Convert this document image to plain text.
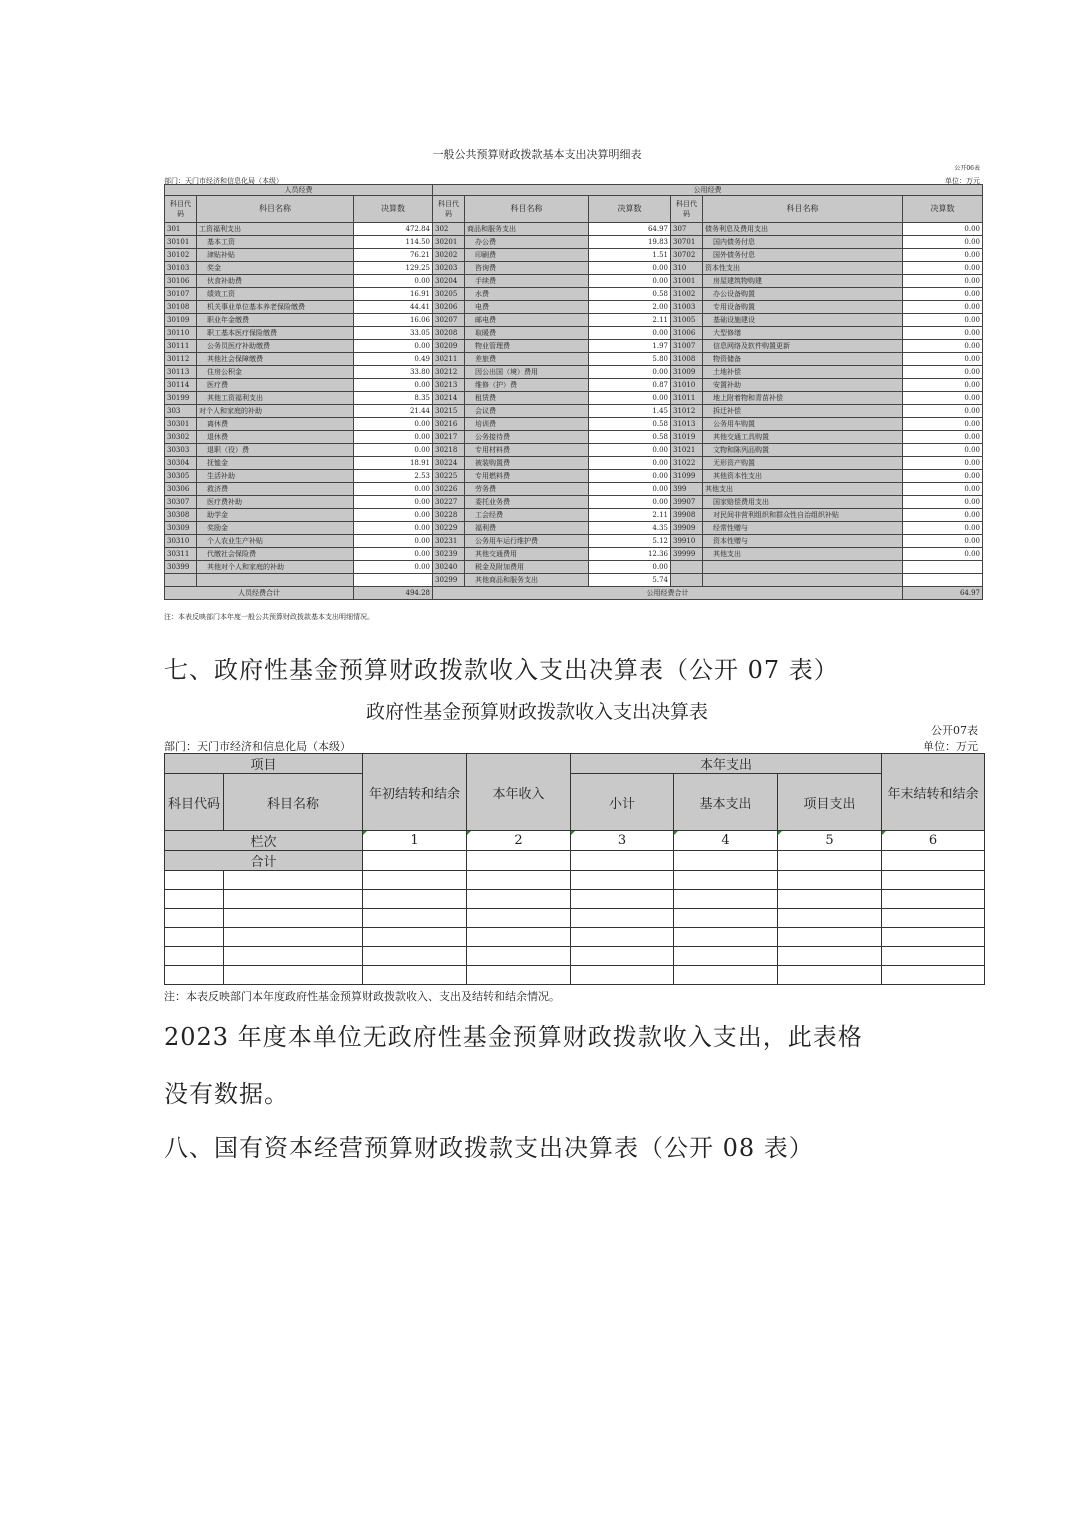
一般公共预算财政拨款基本支出决算明细表
公开06表
部门：天门市经济和信息化局（本级）	单位：万元
人员经费			公用经费					
科目代码	科目名称	决算数	科目代码	科目名称	决算数	科目代码	科目名称	决算数
301	工资福利支出	472.84	302	商品和服务支出	64.97	307	债务利息及费用支出	0.00
30101	基本工资	114.50	30201	办公费	19.83	30701	国内债务付息	0.00
30102	津贴补贴	76.21	30202	印刷费	1.51	30702	国外债务付息	0.00
30103	奖金	129.25	30203	咨询费	0.00	310	资本性支出	0.00
30106	伙食补助费	0.00	30204	手续费	0.00	31001	房屋建筑物购建	0.00
30107	绩效工资	16.91	30205	水费	0.58	31002	办公设备购置	0.00
30108	机关事业单位基本养老保险缴费	44.41	30206	电费	2.00	31003	专用设备购置	0.00
30109	职业年金缴费	16.06	30207	邮电费	2.11	31005	基础设施建设	0.00
30110	职工基本医疗保险缴费	33.05	30208	取暖费	0.00	31006	大型修缮	0.00
30111	公务员医疗补助缴费	0.00	30209	物业管理费	1.97	31007	信息网络及软件购置更新	0.00
30112	其他社会保障缴费	0.49	30211	差旅费	5.80	31008	物资储备	0.00
30113	住房公积金	33.80	30212	因公出国（境）费用	0.00	31009	土地补偿	0.00
30114	医疗费	0.00	30213	维修（护）费	0.87	31010	安置补助	0.00
30199	其他工资福利支出	8.35	30214	租赁费	0.00	31011	地上附着物和青苗补偿	0.00
303	对个人和家庭的补助	21.44	30215	会议费	1.45	31012	拆迁补偿	0.00
30301	离休费	0.00	30216	培训费	0.58	31013	公务用车购置	0.00
30302	退休费	0.00	30217	公务接待费	0.58	31019	其他交通工具购置	0.00
30303	退职（役）费	0.00	30218	专用材料费	0.00	31021	文物和陈列品购置	0.00
30304	抚恤金	18.91	30224	被装购置费	0.00	31022	无形资产购置	0.00
30305	生活补助	2.53	30225	专用燃料费	0.00	31099	其他资本性支出	0.00
30306	救济费	0.00	30226	劳务费	0.00	399	其他支出	0.00
30307	医疗费补助	0.00	30227	委托业务费	0.00	39907	国家赔偿费用支出	0.00
30308	助学金	0.00	30228	工会经费	2.11	39908	对民间非营利组织和群众性自治组织补贴	0.00
30309	奖励金	0.00	30229	福利费	4.35	39909	经常性赠与	0.00
30310	个人农业生产补贴	0.00	30231	公务用车运行维护费	5.12	39910	资本性赠与	0.00
30311	代缴社会保险费	0.00	30239	其他交通费用	12.36	39999	其他支出	0.00
30399	其他对个人和家庭的补助	0.00	30240	税金及附加费用	0.00			
			30299	其他商品和服务支出	5.74			
人员经费合计		494.28	公用经费合计					64.97
注：本表反映部门本年度一般公共预算财政拨款基本支出明细情况。
七、政府性基金预算财政拨款收入支出决算表（公开 07 表）
政府性基金预算财政拨款收入支出决算表
公开07表
部门：天门市经济和信息化局（本级）	单位：万元
项目		年初结转和结余	本年收入	本年支出			年末结转和结余
科目代码	科目名称			小计	基本支出	项目支出	
栏次		1	2	3	4	5	6
合计							

注：本表反映部门本年度政府性基金预算财政拨款收入、支出及结转和结余情况。
2023 年度本单位无政府性基金预算财政拨款收入支出，此表格
没有数据。
八、国有资本经营预算财政拨款支出决算表（公开 08 表）
